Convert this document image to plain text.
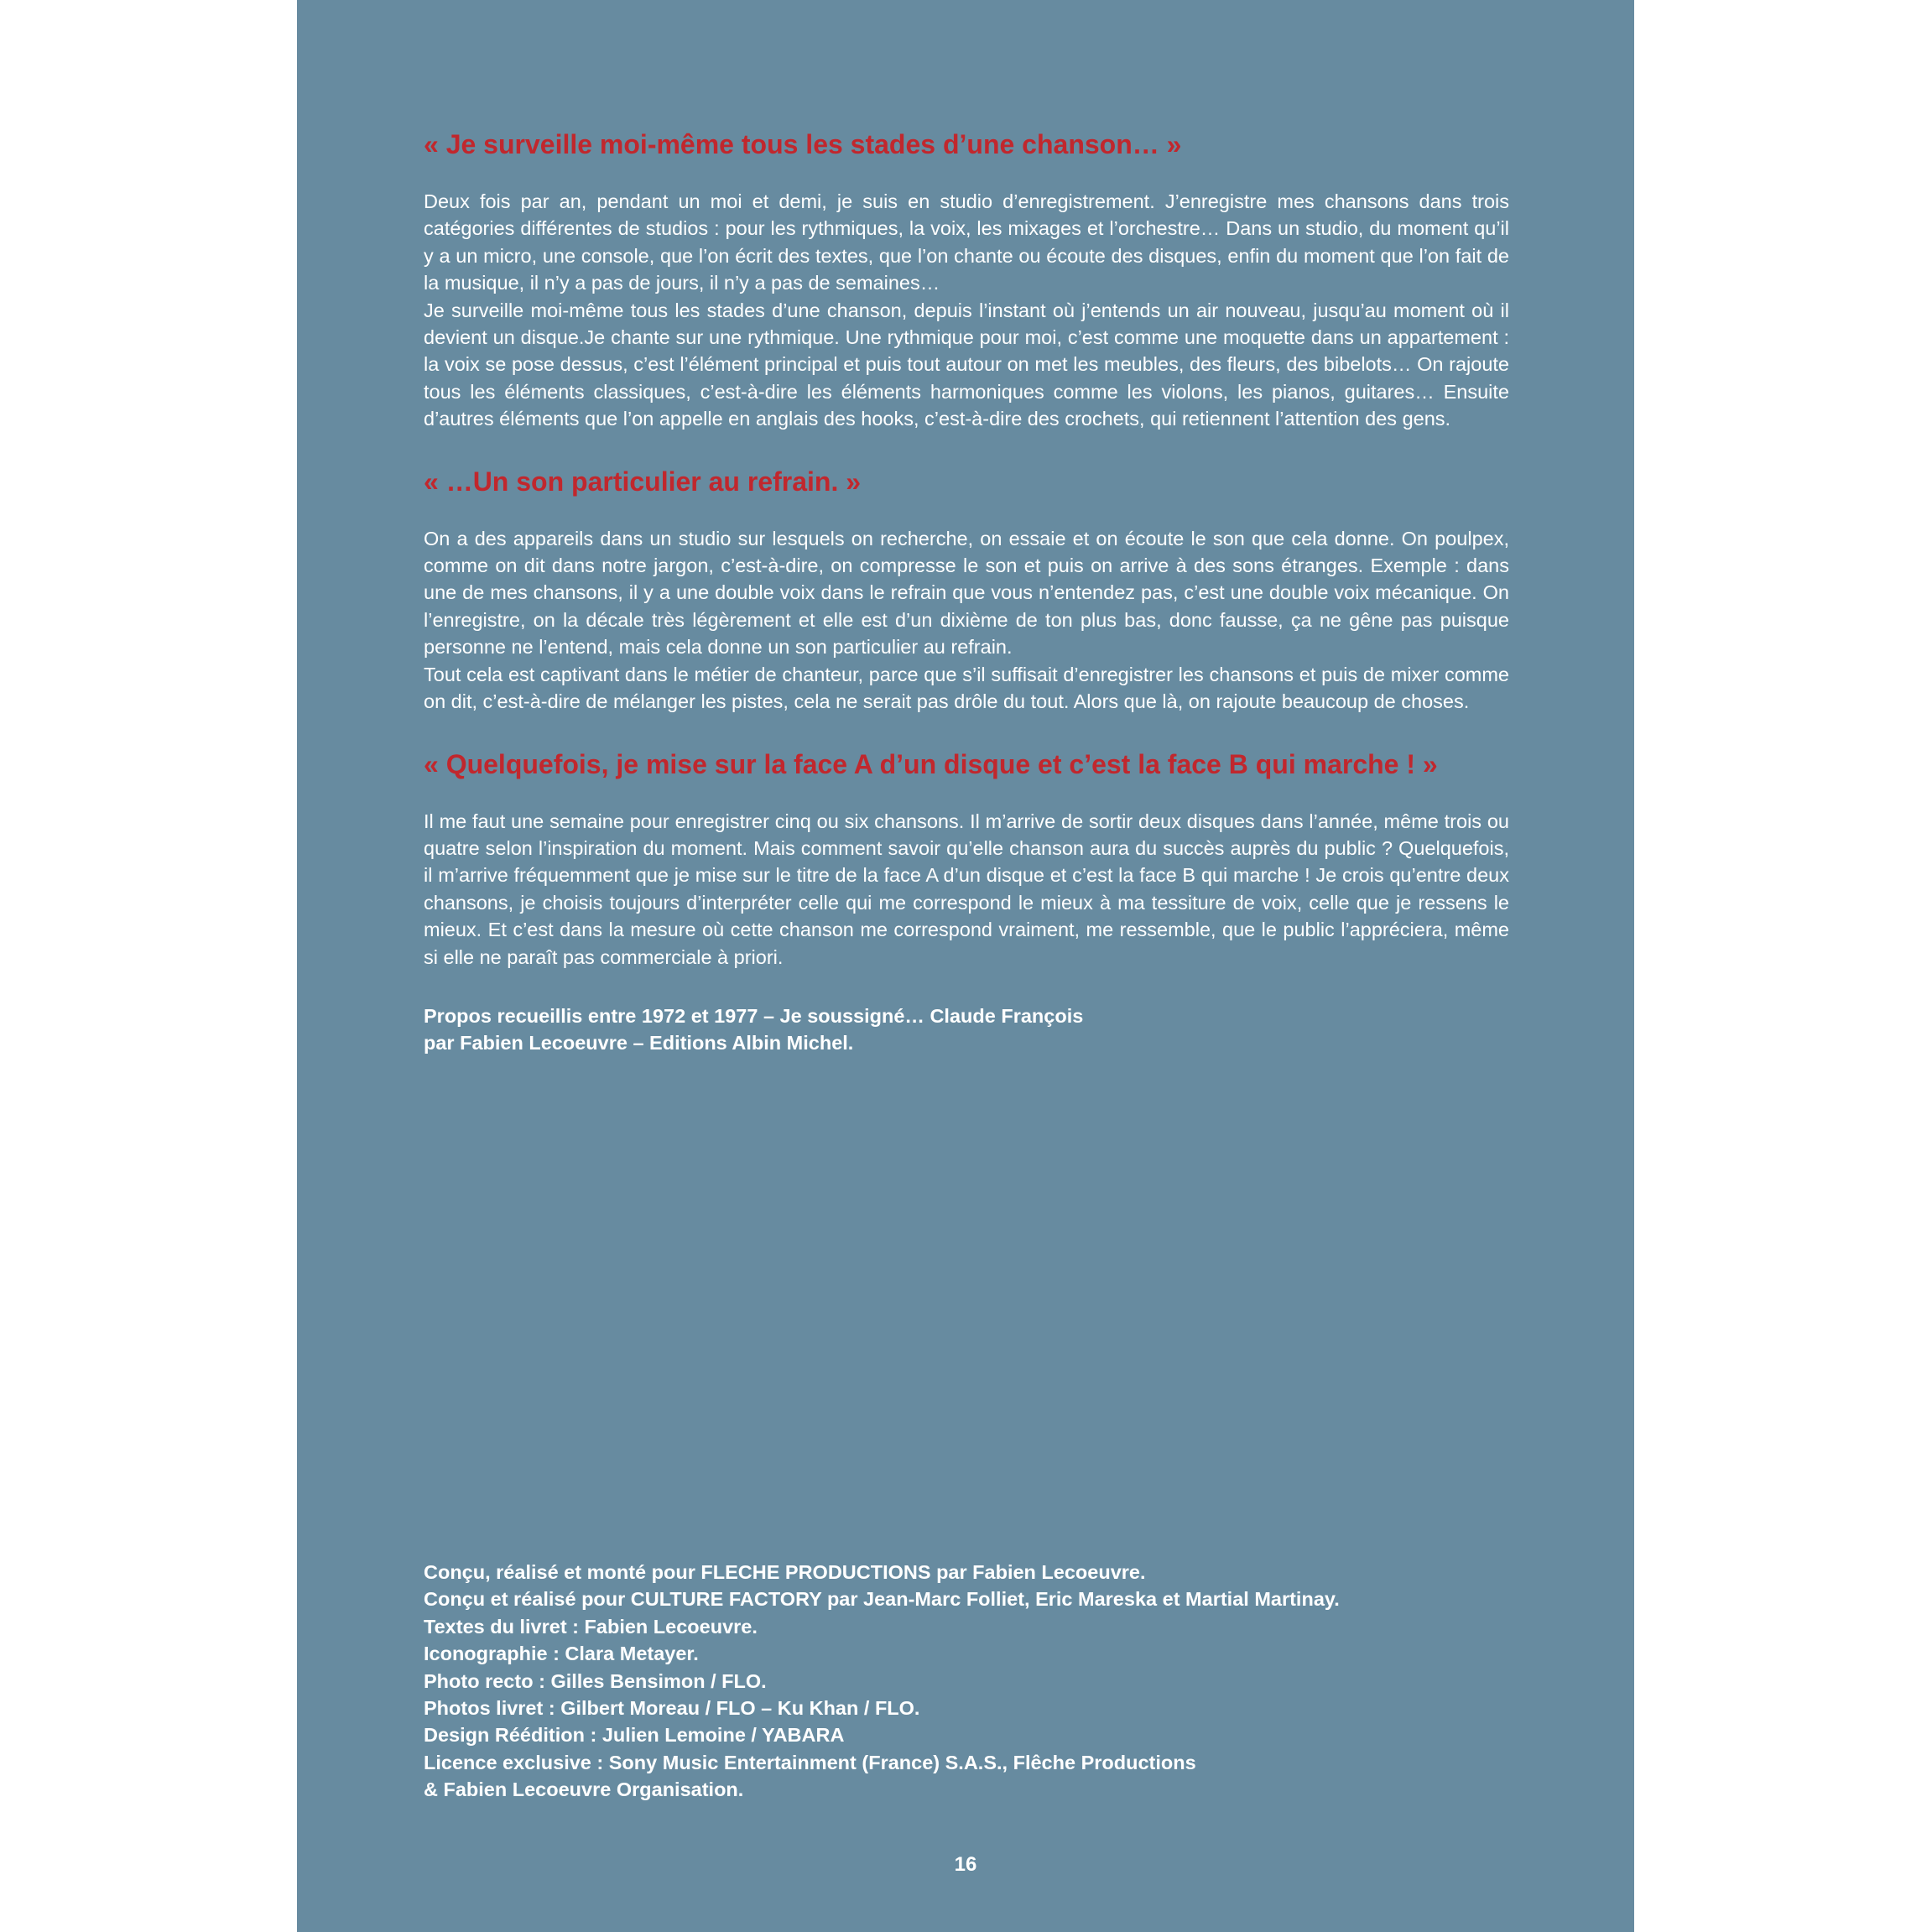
« Je surveille moi-même tous les stades d’une chanson… »

Deux fois par an, pendant un moi et demi, je suis en studio d’enregistrement. J’enregistre mes chansons dans trois catégories différentes de studios : pour les rythmiques, la voix, les mixages et l’orchestre… Dans un studio, du moment qu’il y a un micro, une console, que l’on écrit des textes, que l’on chante ou écoute des disques, enfin du moment que l’on fait de la musique, il n’y a pas de jours, il n’y a pas de semaines…

Je surveille moi-même tous les stades d’une chanson, depuis l’instant où j’entends un air nouveau, jusqu’au moment où il devient un disque.Je chante sur une rythmique. Une rythmique pour moi, c’est comme une moquette dans un appartement : la voix se pose dessus, c’est l’élément principal et puis tout autour on met les meubles, des fleurs, des bibelots… On rajoute tous les éléments classiques, c’est-à-dire les éléments harmoniques comme les violons, les pianos, guitares… Ensuite d’autres éléments que l’on appelle en anglais des hooks, c’est-à-dire des crochets, qui retiennent l’attention des gens.

« …Un son particulier au refrain. »

On a des appareils dans un studio sur lesquels on recherche, on essaie et on écoute le son que cela donne. On poulpex, comme on dit dans notre jargon, c’est-à-dire, on compresse le son et puis on arrive à des sons étranges. Exemple : dans une de mes chansons, il y a une double voix dans le refrain que vous n’entendez pas, c’est une double voix mécanique. On l’enregistre, on la décale très légèrement et elle est d’un dixième de ton plus bas, donc fausse, ça ne gêne pas puisque personne ne l’entend, mais cela donne un son particulier au refrain.

Tout cela est captivant dans le métier de chanteur, parce que s’il suffisait d’enregistrer les chansons et puis de mixer comme on dit, c’est-à-dire de mélanger les pistes, cela ne serait pas drôle du tout. Alors que là, on rajoute beaucoup de choses.

« Quelquefois, je mise sur la face A d’un disque et c’est la face B qui marche ! »

Il me faut une semaine pour enregistrer cinq ou six chansons. Il m’arrive de sortir deux disques dans l’année, même trois ou quatre selon l’inspiration du moment. Mais comment savoir qu’elle chanson aura du succès auprès du public ? Quelquefois, il m’arrive fréquemment que je mise sur le titre de la face A d’un disque et c’est la face B qui marche ! Je crois qu’entre deux chansons, je choisis toujours d’interpréter celle qui me correspond le mieux à ma tessiture de voix, celle que je ressens le mieux. Et c’est dans la mesure où cette chanson me correspond vraiment, me ressemble, que le public l’appréciera, même si elle ne paraît pas commerciale à priori.

Propos recueillis entre 1972 et 1977 – Je soussigné… Claude François

par Fabien Lecoeuvre – Editions Albin Michel.

Conçu, réalisé et monté pour FLECHE PRODUCTIONS par Fabien Lecoeuvre.

Conçu et réalisé pour CULTURE FACTORY par Jean-Marc Folliet, Eric Mareska et Martial Martinay.

Textes du livret : Fabien Lecoeuvre.

Iconographie : Clara Metayer.

Photo recto : Gilles Bensimon / FLO.

Photos livret : Gilbert Moreau / FLO – Ku Khan / FLO.

Design Réédition : Julien Lemoine / YABARA

Licence exclusive : Sony Music Entertainment (France) S.A.S., Flêche Productions

& Fabien Lecoeuvre Organisation.

16
